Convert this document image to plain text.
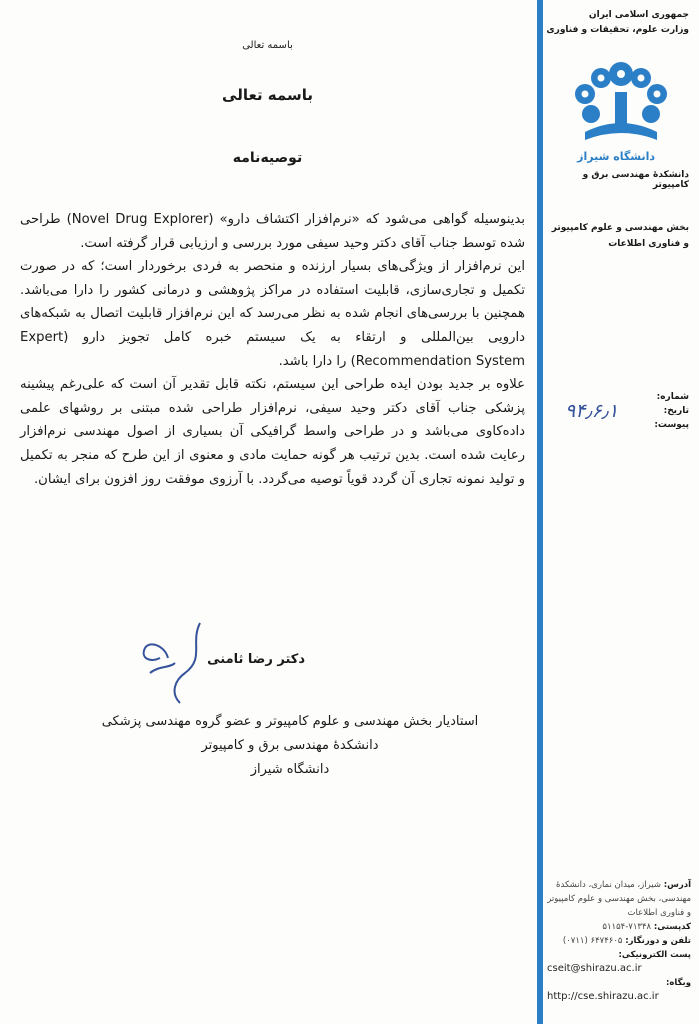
باسمه تعالی
باسمه تعالی
توصیه‌نامه

بدینوسیله گواهی می‌شود که «نرم‌افزار اکتشاف دارو» (Novel Drug Explorer) طراحی شده توسط جناب آقای دکتر وحید سیفی مورد بررسی و ارزیابی قرار گرفته است.

این نرم‌افزار از ویژگی‌های بسیار ارزنده و منحصر به فردی برخوردار است؛ که در صورت تکمیل و تجاری‌سازی، قابلیت استفاده در مراکز پژوهشی و درمانی کشور را دارا می‌باشد. همچنین با بررسی‌های انجام شده به نظر می‌رسد که این نرم‌افزار قابلیت اتصال به شبکه‌های دارویی بین‌المللی و ارتقاء به یک سیستم خبره کامل تجویز دارو (Expert Recommendation System) را دارا باشد.

علاوه بر جدید بودن ایده طراحی این سیستم، نکته قابل تقدیر آن است که علی‌رغم پیشینه پزشکی جناب آقای دکتر وحید سیفی، نرم‌افزار طراحی شده مبتنی بر روشهای علمی داده‌کاوی می‌باشد و در طراحی واسط گرافیکی آن بسیاری از اصول مهندسی نرم‌افزار رعایت شده است. بدین ترتیب هر گونه حمایت مادی و معنوی از این طرح که منجر به تکمیل و تولید نمونه تجاری آن گردد قویاً توصیه می‌گردد. با آرزوی موفقت روز افزون برای ایشان.

دکتر رضا ثامنی
استادیار بخش مهندسی و علوم کامپیوتر و عضو گروه مهندسی پزشکی
دانشکدهٔ مهندسی برق و کامپیوتر
دانشگاه شیراز
جمهوری اسلامی ایران
وزارت علوم، تحقیقات و فناوری
دانشگاه شیراز
دانشکدهٔ مهندسی برق و کامپیوتر
بخش مهندسی و علوم کامپیوتر و فناوری اطلاعات
شماره:
تاریخ:
پیوست:
۹۴٫۶٫۱
آدرس: شیراز، میدان نماری، دانشکدهٔ مهندسی، بخش مهندسی و علوم کامپیوتر و فناوری اطلاعات
کدپستی: ۷۱۳۴۸-۵۱۱۵۴
تلفن و دورنگار: ۶۴۷۴۶۰۵ (۰۷۱۱)
پست الکترونیکی:
cseit@shirazu.ac.ir
وبگاه:
http://cse.shirazu.ac.ir
